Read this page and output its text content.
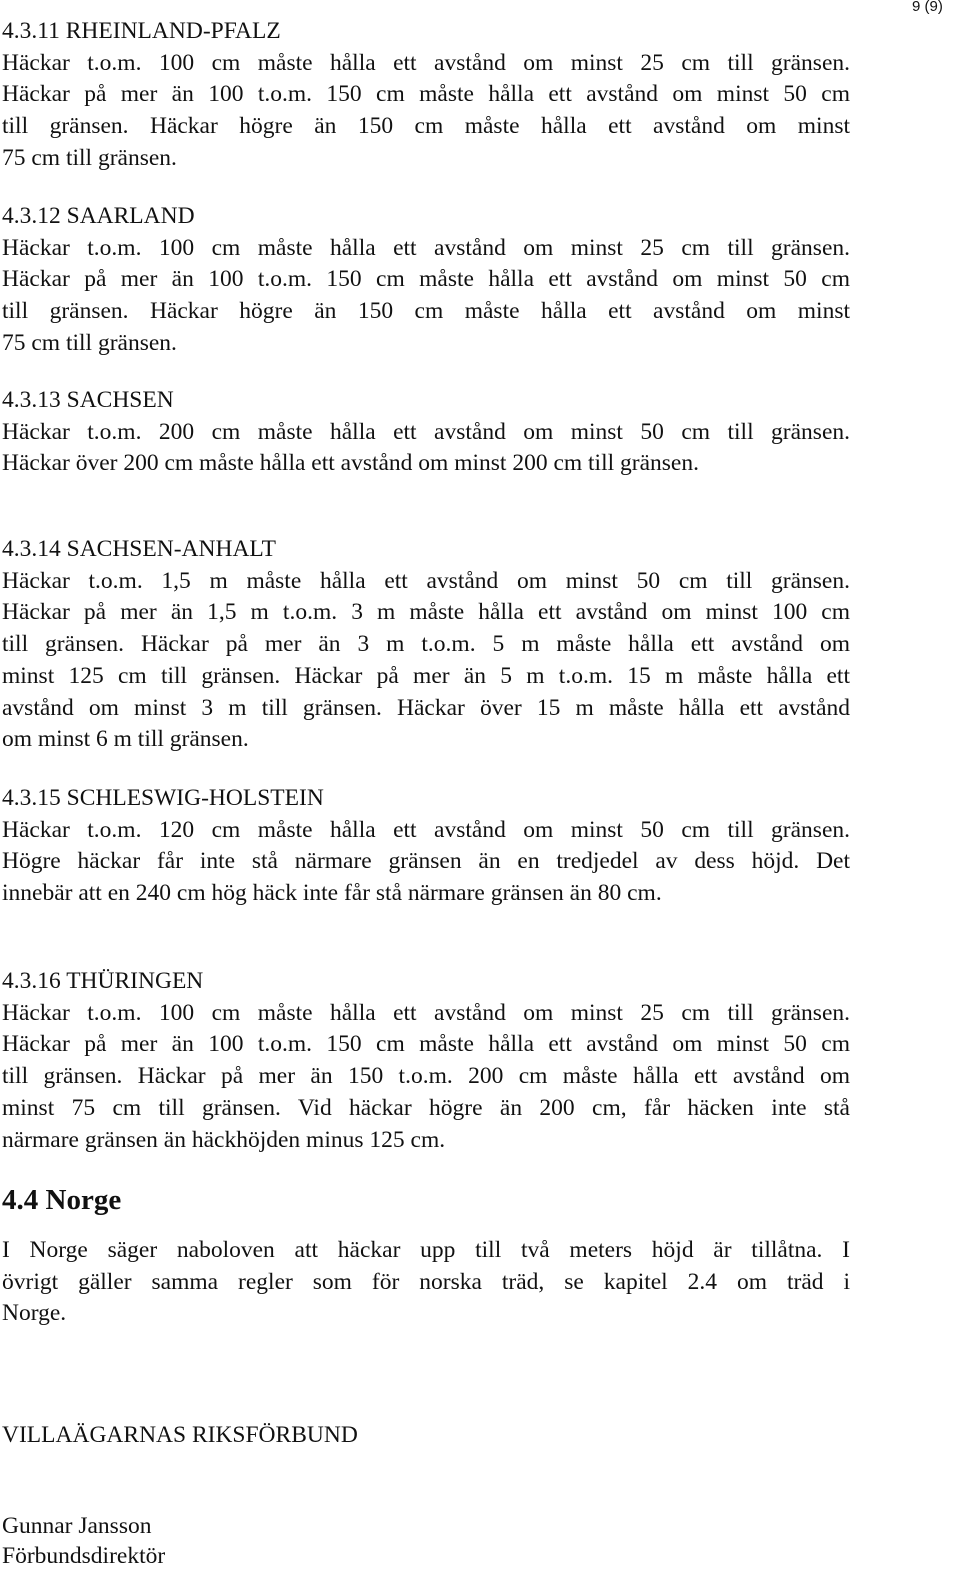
9 (9)
4.3.11 RHEINLAND-PFALZ
Häckar t.o.m. 100 cm måste hålla ett avstånd om minst 25 cm till gränsen.
Häckar på mer än 100 t.o.m. 150 cm måste hålla ett avstånd om minst 50 cm
till gränsen. Häckar högre än 150 cm måste hålla ett avstånd om minst
75 cm till gränsen.
4.3.12 SAARLAND
Häckar t.o.m. 100 cm måste hålla ett avstånd om minst 25 cm till gränsen.
Häckar på mer än 100 t.o.m. 150 cm måste hålla ett avstånd om minst 50 cm
till gränsen. Häckar högre än 150 cm måste hålla ett avstånd om minst
75 cm till gränsen.
4.3.13 SACHSEN
Häckar t.o.m. 200 cm måste hålla ett avstånd om minst 50 cm till gränsen.
Häckar över 200 cm måste hålla ett avstånd om minst 200 cm till gränsen.
4.3.14 SACHSEN-ANHALT
Häckar t.o.m. 1,5 m måste hålla ett avstånd om minst 50 cm till gränsen.
Häckar på mer än 1,5 m t.o.m. 3 m måste hålla ett avstånd om minst 100 cm
till gränsen. Häckar på mer än 3 m t.o.m. 5 m måste hålla ett avstånd om
minst 125 cm till gränsen. Häckar på mer än 5 m t.o.m. 15 m måste hålla ett
avstånd om minst 3 m till gränsen. Häckar över 15 m måste hålla ett avstånd
om minst 6 m till gränsen.
4.3.15 SCHLESWIG-HOLSTEIN
Häckar t.o.m. 120 cm måste hålla ett avstånd om minst 50 cm till gränsen.
Högre häckar får inte stå närmare gränsen än en tredjedel av dess höjd. Det
innebär att en 240 cm hög häck inte får stå närmare gränsen än 80 cm.
4.3.16 THÜRINGEN
Häckar t.o.m. 100 cm måste hålla ett avstånd om minst 25 cm till gränsen.
Häckar på mer än 100 t.o.m. 150 cm måste hålla ett avstånd om minst 50 cm
till gränsen. Häckar på mer än 150 t.o.m. 200 cm måste hålla ett avstånd om
minst 75 cm till gränsen. Vid häckar högre än 200 cm, får häcken inte stå
närmare gränsen än häckhöjden minus 125 cm.
4.4 Norge
I Norge säger naboloven att häckar upp till två meters höjd är tillåtna. I
övrigt gäller samma regler som för norska träd, se kapitel 2.4 om träd i
Norge.
VILLAÄGARNAS RIKSFÖRBUND
Gunnar Jansson
Förbundsdirektör
